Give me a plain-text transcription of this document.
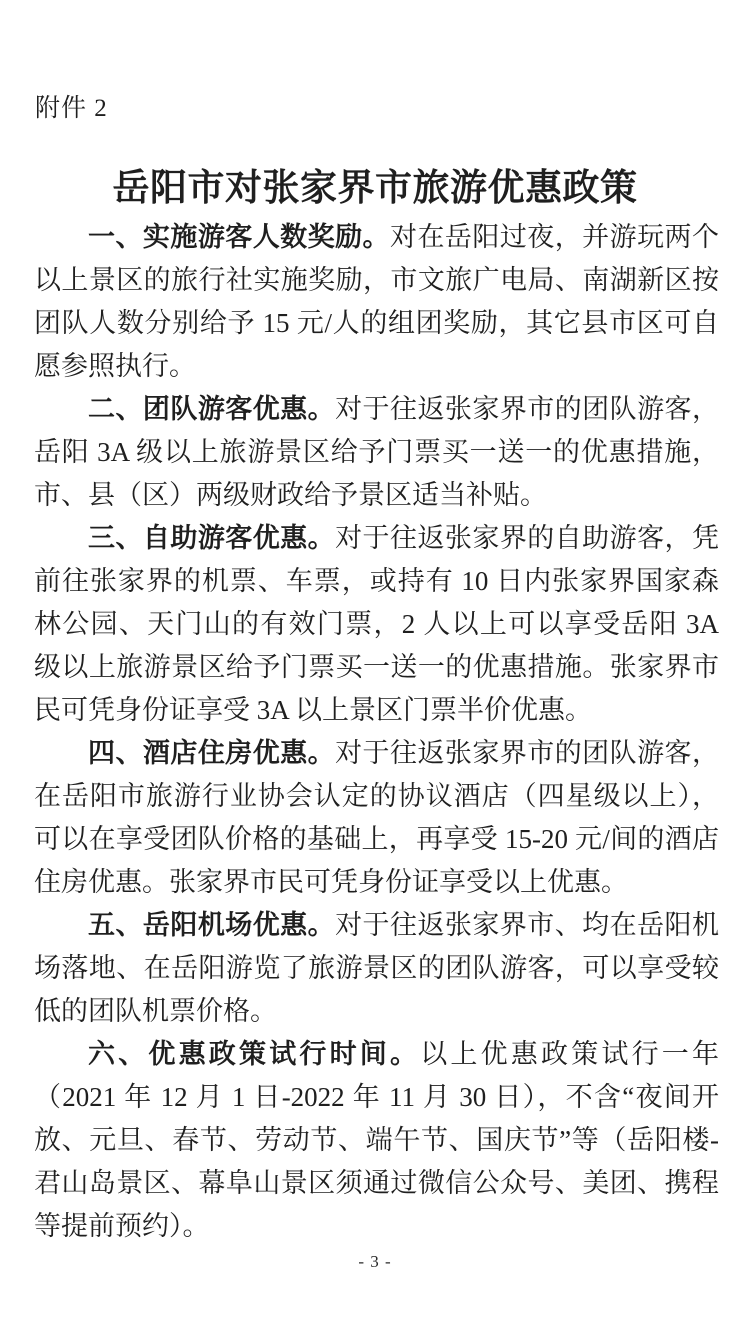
附件 2
岳阳市对张家界市旅游优惠政策

一、实施游客人数奖励。对在岳阳过夜，并游玩两个以上景区的旅行社实施奖励，市文旅广电局、南湖新区按团队人数分别给予 15 元/人的组团奖励，其它县市区可自愿参照执行。

二、团队游客优惠。对于往返张家界市的团队游客，岳阳 3A 级以上旅游景区给予门票买一送一的优惠措施，市、县（区）两级财政给予景区适当补贴。

三、自助游客优惠。对于往返张家界的自助游客，凭前往张家界的机票、车票，或持有 10 日内张家界国家森林公园、天门山的有效门票，2 人以上可以享受岳阳 3A 级以上旅游景区给予门票买一送一的优惠措施。张家界市民可凭身份证享受 3A 以上景区门票半价优惠。

四、酒店住房优惠。对于往返张家界市的团队游客，在岳阳市旅游行业协会认定的协议酒店（四星级以上），可以在享受团队价格的基础上，再享受 15-20 元/间的酒店住房优惠。张家界市民可凭身份证享受以上优惠。

五、岳阳机场优惠。对于往返张家界市、均在岳阳机场落地、在岳阳游览了旅游景区的团队游客，可以享受较低的团队机票价格。

六、优惠政策试行时间。以上优惠政策试行一年（2021 年 12 月 1 日-2022 年 11 月 30 日），不含“夜间开放、元旦、春节、劳动节、端午节、国庆节”等（岳阳楼-君山岛景区、幕阜山景区须通过微信公众号、美团、携程等提前预约）。

- 3 -
